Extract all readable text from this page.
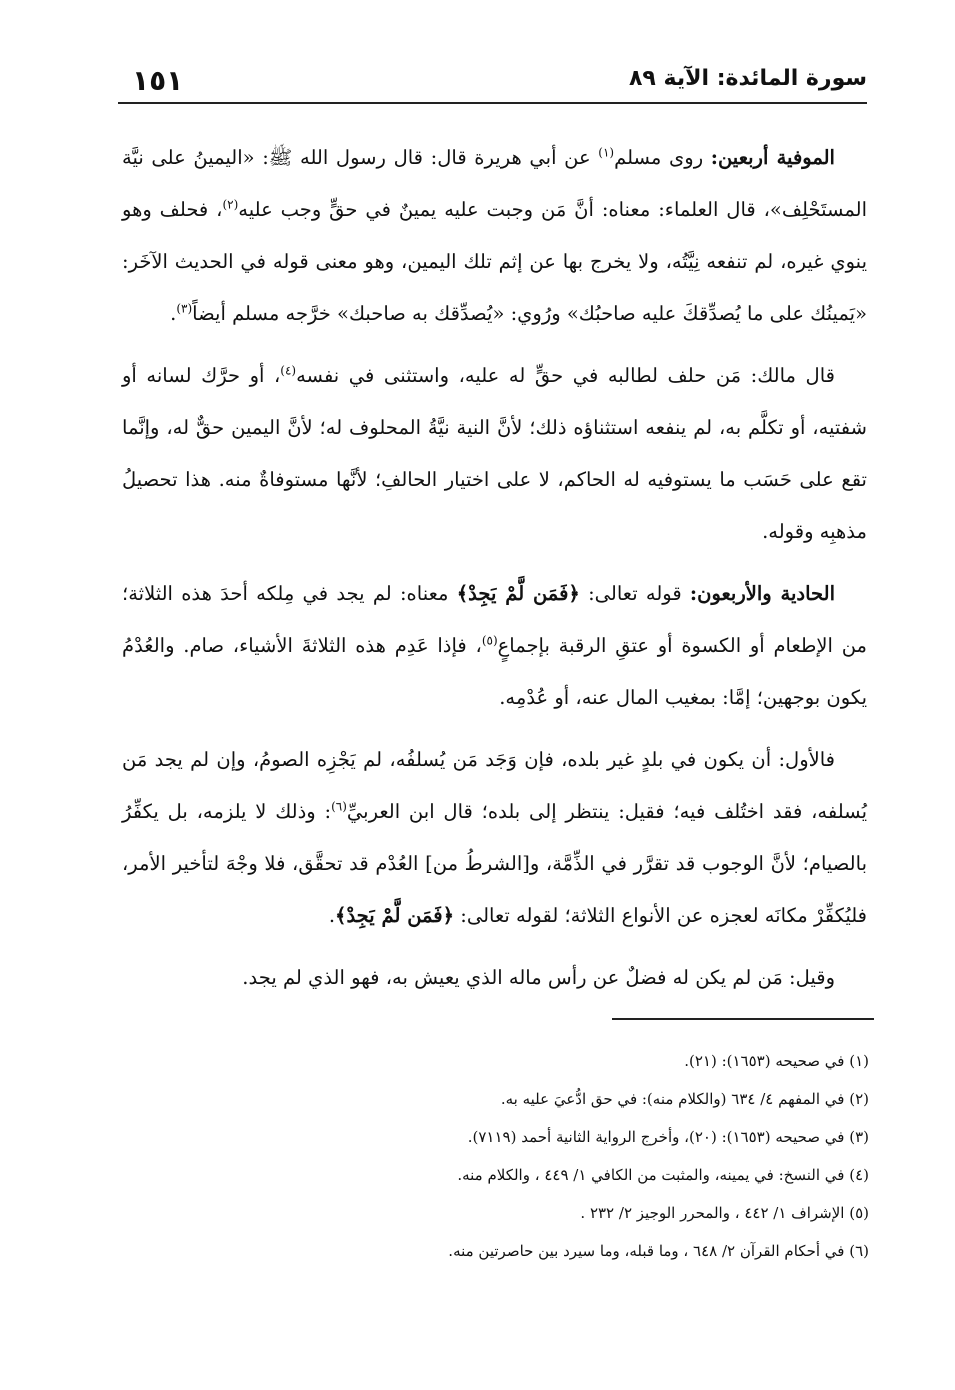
سورة المائدة: الآية ٨٩
١٥١

الموفية أربعين: روى مسلم$^{(١)}$ عن أبي هريرة قال: قال رسول الله ﷺ: «اليمينُ على نيَّة المستَحْلِف»، قال العلماء: معناه: أنَّ مَن وجبت عليه يمينٌ في حقٍّ وجب عليه$^{(٢)}$، فحلف وهو ينوي غيره، لم تنفعه نِيَّتُه، ولا يخرج بها عن إثم تلك اليمين، وهو معنى قوله في الحديث الآخَر: «يَمينُك على ما يُصدِّقكَ عليه صاحبُك» ورُوي: «يُصدِّقك به صاحبك» خرَّجه مسلم أيضاً$^{(٣)}$.

قال مالك: مَن حلف لطالبه في حقٍّ له عليه، واستثنى في نفسه$^{(٤)}$، أو حرَّك لسانه أو شفتيه، أو تكلَّم به، لم ينفعه استثناؤه ذلك؛ لأنَّ النية نيَّةُ المحلوف له؛ لأنَّ اليمين حقٌّ له، وإنَّما تقع على حَسَب ما يستوفيه له الحاكم، لا على اختيار الحالفِ؛ لأنَّها مستوفاةٌ منه. هذا تحصيلُ مذهبِه وقوله.

الحادية والأربعون: قوله تعالى: ﴿فَمَن لَّمْ يَجِدْ﴾ معناه: لم يجد في مِلكه أحدَ هذه الثلاثة؛ من الإطعام أو الكسوة أو عتقِ الرقبة بإجماعٍ$^{(٥)}$، فإذا عَدِم هذه الثلاثةَ الأشياء، صام. والعُدْمُ يكون بوجهين؛ إمَّا: بمغيب المال عنه، أو عُدْمِه.

فالأول: أن يكون في بلدٍ غير بلده، فإن وَجَد مَن يُسلفُه، لم يَجْزِه الصومُ، وإن لم يجد مَن يُسلفه، فقد اختُلف فيه؛ فقيل: ينتظر إلى بلده؛ قال ابن العربيِّ$^{(٦)}$: وذلك لا يلزمه، بل يكفِّرُ بالصيام؛ لأنَّ الوجوب قد تقرَّر في الذِّمَّة، و[الشرطُ من] العُدْم قد تحقَّق، فلا وجْهَ لتأخير الأمر، فليُكفِّرْ مكانَه لعجزه عن الأنواع الثلاثة؛ لقوله تعالى: ﴿فَمَن لَّمْ يَجِدْ﴾.

وقيل: مَن لم يكن له فضلٌ عن رأس ماله الذي يعيش به، فهو الذي لم يجد.

(١) في صحيحه (١٦٥٣): (٢١).

(٢) في المفهم ٤/ ٦٣٤ (والكلام منه): في حق ادُّعيَ عليه به.

(٣) في صحيحه (١٦٥٣): (٢٠)، وأخرج الرواية الثانية أحمد (٧١١٩).

(٤) في النسخ: في يمينه، والمثبت من الكافي ١/ ٤٤٩ ، والكلام منه.

(٥) الإشراف ١/ ٤٤٢ ، والمحرر الوجيز ٢/ ٢٣٢ .

(٦) في أحكام القرآن ٢/ ٦٤٨ ، وما قبله، وما سيرد بين حاصرتين منه.
